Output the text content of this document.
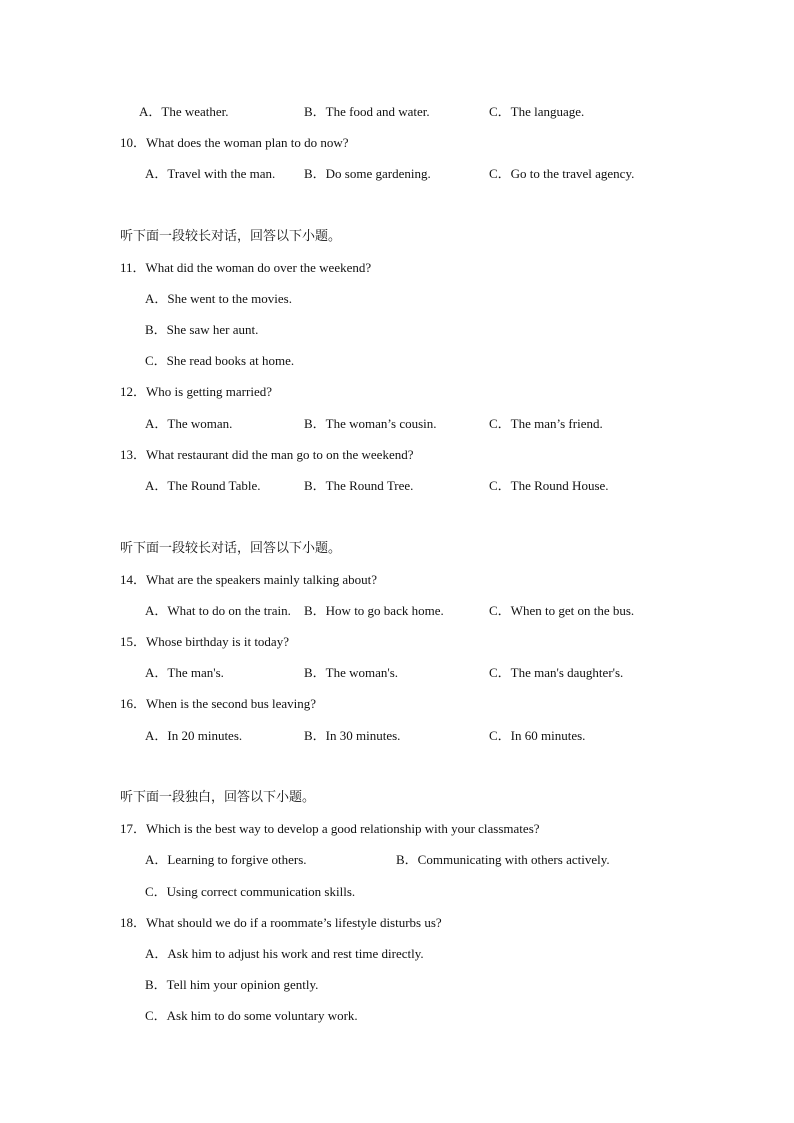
A．The weather.	B．The food and water.	C．The language.
10．What does the woman plan to do now?
A．Travel with the man. B．Do some gardening.	C．Go to the travel agency.
听下面一段较长对话，回答以下小题。
11．What did the woman do over the weekend?
A．She went to the movies.
B．She saw her aunt.
C．She read books at home.
12．Who is getting married?
A．The woman.	B．The woman’s cousin.	C．The man’s friend.
13．What restaurant did the man go to on the weekend?
A．The Round Table.	B．The Round Tree.	C．The Round House.
听下面一段较长对话，回答以下小题。
14．What are the speakers mainly talking about?
A．What to do on the train. B．How to go back home.	C．When to get on the bus.
15．Whose birthday is it today?
A．The man's.	B．The woman's.	C．The man's daughter's.
16．When is the second bus leaving?
A．In 20 minutes.	B．In 30 minutes.	C．In 60 minutes.
听下面一段独白，回答以下小题。
17．Which is the best way to develop a good relationship with your classmates?
A．Learning to forgive others.	B．Communicating with others actively.
C．Using correct communication skills.
18．What should we do if a roommate’s lifestyle disturbs us?
A．Ask him to adjust his work and rest time directly.
B．Tell him your opinion gently.
C．Ask him to do some voluntary work.
